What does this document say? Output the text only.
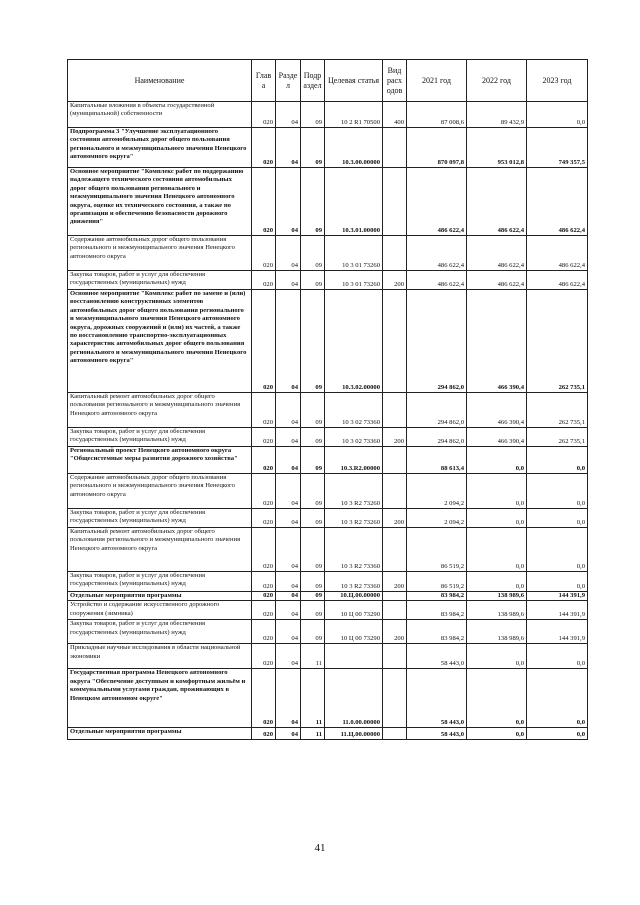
Наименование	Глав а	Разде л	Подр аздел	Целевая статья	Вид расх одов	2021 год	2022 год	2023 год
Капитальные вложения в объекты государственной (муниципальной) собственности	020	04	09	10 2 R1 70500	400	87 008,6	89 432,9	0,0
Подпрограмма 3 "Улучшение эксплуатационного состояния автомобильных дорог общего пользования регионального и межмуниципального значения Ненецкого автономного округа"	020	04	09	10.3.00.00000		870 097,8	953 012,8	749 357,5
Основное мероприятие "Комплекс работ по поддержанию надлежащего технического состояния автомобильных дорог общего пользования регионального и межмуниципального значения Ненецкого автономного округа, оценке их технического состояния, а также по организации и обеспечению безопасности дорожного движения"	020	04	09	10.3.01.00000		486 622,4	486 622,4	486 622,4
Содержание автомобильных дорог общего пользования регионального и межмуниципального значения Ненецкого автономного округа	020	04	09	10 3 01 73260		486 622,4	486 622,4	486 622,4
Закупка товаров, работ и услуг для обеспечения государственных (муниципальных) нужд	020	04	09	10 3 01 73260	200	486 622,4	486 622,4	486 622,4
Основное мероприятие "Комплекс работ по замене и (или) восстановлению конструктивных элементов автомобильных дорог общего пользования регионального и межмуниципального значения Ненецкого автономного округа, дорожных сооружений и (или) их частей, а также по восстановлению транспортно-эксплуатационных характеристик автомобильных дорог общего пользования регионального и межмуниципального значения Ненецкого автономного округа"	020	04	09	10.3.02.00000		294 862,0	466 390,4	262 735,1
Капитальный ремонт автомобильных дорог общего пользования регионального и межмуниципального значения Ненецкого автономного округа	020	04	09	10 3 02 73360		294 862,0	466 390,4	262 735,1
Закупка товаров, работ и услуг для обеспечения государственных (муниципальных) нужд	020	04	09	10 3 02 73360	200	294 862,0	466 390,4	262 735,1
Региональный проект Ненецкого автономного округа "Общесистемные меры развития дорожного хозяйства"	020	04	09	10.3.R2.00000		88 613,4	0,0	0,0
Содержание автомобильных дорог общего пользования регионального и межмуниципального значения Ненецкого автономного округа	020	04	09	10 3 R2 73260		2 094,2	0,0	0,0
Закупка товаров, работ и услуг для обеспечения государственных (муниципальных) нужд	020	04	09	10 3 R2 73260	200	2 094,2	0,0	0,0
Капитальный ремонт автомобильных дорог общего пользования регионального и межмуниципального значения Ненецкого автономного округа	020	04	09	10 3 R2 73360		86 519,2	0,0	0,0
Закупка товаров, работ и услуг для обеспечения государственных (муниципальных) нужд	020	04	09	10 3 R2 73360	200	86 519,2	0,0	0,0
Отдельные мероприятия программы	020	04	09	10.Ц.00.00000		83 984,2	138 989,6	144 391,9
Устройство и содержание искусственного дорожного сооружения (зимника)	020	04	09	10 Ц 00 73290		83 984,2	138 989,6	144 391,9
Закупка товаров, работ и услуг для обеспечения государственных (муниципальных) нужд	020	04	09	10 Ц 00 73290	200	83 984,2	138 989,6	144 391,9
Прикладные научные исследования в области национальной экономики	020	04	11			58 443,0	0,0	0,0
Государственная программа Ненецкого автономного округа "Обеспечение доступным и комфортным жильём и коммунальными услугами граждан, проживающих в Ненецком автономном округе"	020	04	11	11.0.00.00000		58 443,0	0,0	0,0
Отдельные мероприятия программы	020	04	11	11.Ц.00.00000		58 443,0	0,0	0,0
41
